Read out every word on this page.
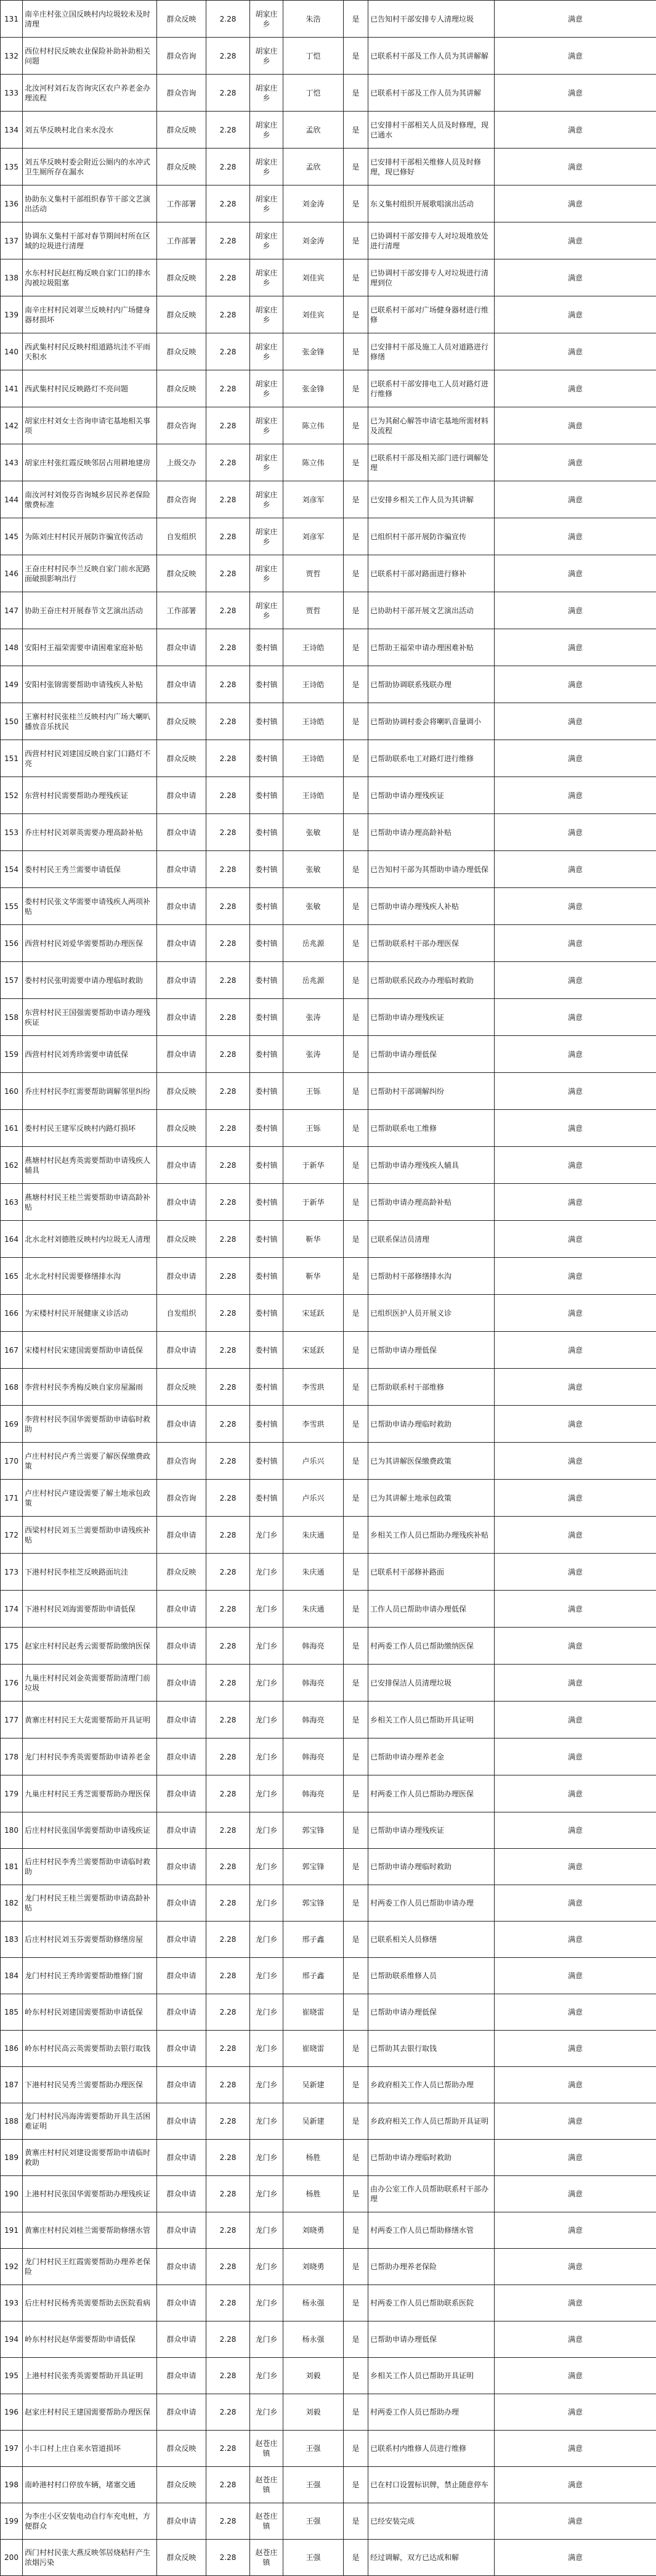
131	南辛庄村张立国反映村内垃圾较未及时清理	群众反映	2.28	胡家庄乡	朱浩	是	已告知村干部安排专人清理垃圾	满意
132	西位村村民反映农业保险补助补助相关问题	群众咨询	2.28	胡家庄乡	丁恺	是	已联系村干部及工作人员为其讲解解	满意
133	北汝河村刘石友咨询灾区农户养老金办理流程	群众咨询	2.28	胡家庄乡	丁恺	是	已联系村干部及工作人员为其讲解	满意
134	刘五华反映村北自来水没水	群众反映	2.28	胡家庄乡	孟欣	是	已安排村干部相关人员及时修理，现已通水	满意
135	刘五华反映村委会附近公厕内的水冲式卫生厕所存在漏水	群众反映	2.28	胡家庄乡	孟欣	是	已安排村干部相关维修人员及时修理，现已修好	满意
136	协助东义集村干部组织春节干部文艺演出活动	工作部署	2.28	胡家庄乡	刘金涛	是	东义集村组织开展歌唱演出活动	满意
137	协调东义集村干部对春节期间村所在区域的垃圾进行清理	工作部署	2.28	胡家庄乡	刘金涛	是	已协调村干部安排专人对垃圾堆放处进行清理	满意
138	水东村村民赵红梅反映自家门口的排水沟被垃圾阻塞	群众反映	2.28	胡家庄乡	刘佳宾	是	已协调村干部安排专人对垃圾进行清理到位	满意
139	南辛庄村村民刘翠兰反映村内广场健身器材损坏	群众反映	2.28	胡家庄乡	刘佳宾	是	已联系村干部对广场健身器材进行维修	满意
140	西武集村村民反映村组道路坑洼不平雨天积水	群众反映	2.28	胡家庄乡	张金锋	是	已安排村干部及施工人员对道路进行修缮	满意
141	西武集村村民反映路灯不亮问题	群众反映	2.28	胡家庄乡	张金锋	是	已联系村干部安排电工人员对路灯进行维修	满意
142	胡家庄村刘女士咨询申请宅基地相关事项	群众咨询	2.28	胡家庄乡	陈立伟	是	已为其耐心解答申请宅基地所需材料及流程	满意
143	胡家庄村张红霞反映邻居占用耕地建房	上级交办	2.28	胡家庄乡	陈立伟	是	已联系村干部及相关部门进行调解处理	满意
144	南汝河村刘俊芬咨询城乡居民养老保险缴费标准	群众咨询	2.28	胡家庄乡	刘彦军	是	已安排乡相关工作人员为其讲解	满意
145	为陈刘庄村村民开展防诈骗宣传活动	自发组织	2.28	胡家庄乡	刘彦军	是	已组织村干部开展防诈骗宣传	满意
146	王奋庄村村民李兰反映自家门前水泥路面破损影响出行	群众反映	2.28	胡家庄乡	贾哲	是	已联系村干部对路面进行修补	满意
147	协助王奋庄村开展春节文艺演出活动	工作部署	2.28	胡家庄乡	贾哲	是	已协助村干部开展文艺演出活动	满意
148	安阳村王福荣需要申请困难家庭补贴	群众申请	2.28	娄村镇	王诗皓	是	已帮助王福荣申请办理困难补贴	满意
149	安阳村张锦需要帮助申请残疾人补贴	群众申请	2.28	娄村镇	王诗皓	是	已帮助协调联系残联办理	满意
150	王寨村村民张桂兰反映村内广场大喇叭播放音乐扰民	群众反映	2.28	娄村镇	王诗皓	是	已帮助协调村委会将喇叭音量调小	满意
151	西营村村民刘建国反映自家门口路灯不亮	群众反映	2.28	娄村镇	王诗皓	是	已帮助联系电工对路灯进行维修	满意
152	东营村村民需要帮助办理残疾证	群众申请	2.28	娄村镇	王诗皓	是	已帮助申请办理残疾证	满意
153	乔庄村村民刘翠英需要办理高龄补贴	群众申请	2.28	娄村镇	张敏	是	已帮助申请办理高龄补贴	满意
154	娄村村民王秀兰需要申请低保	群众申请	2.28	娄村镇	张敏	是	已告知村干部为其帮助申请办理低保	满意
155	娄村村民张文华需要申请残疾人两项补贴	群众申请	2.28	娄村镇	张敏	是	已帮助申请办理残疾人补贴	满意
156	西营村村民刘爱华需要帮助办理医保	群众申请	2.28	娄村镇	岳兆源	是	已帮助联系村干部办理医保	满意
157	娄村村民张明需要申请办理临时救助	群众申请	2.28	娄村镇	岳兆源	是	已帮助联系民政办办理临时救助	满意
158	东营村村民王国强需要帮助申请办理残疾证	群众申请	2.28	娄村镇	张涛	是	已帮助申请办理残疾证	满意
159	西营村村民刘秀珍需要申请低保	群众申请	2.28	娄村镇	张涛	是	已帮助申请办理低保	满意
160	乔庄村村民李红需要帮助调解邻里纠纷	群众反映	2.28	娄村镇	王铄	是	已帮助村干部调解纠纷	满意
161	娄村村民王建军反映村内路灯损坏	群众反映	2.28	娄村镇	王铄	是	已帮助联系电工维修	满意
162	燕塘村村民赵秀英需要帮助申请残疾人辅具	群众申请	2.28	娄村镇	于新华	是	已帮助申请办理残疾人辅具	满意
163	燕塘村村民王桂兰需要帮助申请高龄补贴	群众申请	2.28	娄村镇	于新华	是	已帮助申请办理高龄补贴	满意
164	北水北村刘德胜反映村内垃圾无人清理	群众反映	2.28	娄村镇	靳华	是	已联系保洁员清理	满意
165	北水北村村民需要修缮排水沟	群众申请	2.28	娄村镇	靳华	是	已帮助村干部修缮排水沟	满意
166	为宋楼村村民开展健康义诊活动	自发组织	2.28	娄村镇	宋延跃	是	已组织医护人员开展义诊	满意
167	宋楼村村民宋建国需要帮助申请低保	群众申请	2.28	娄村镇	宋延跃	是	已帮助申请办理低保	满意
168	李营村村民李秀梅反映自家房屋漏雨	群众反映	2.28	娄村镇	李雪珙	是	已帮助联系村干部维修	满意
169	李营村村民李国华需要帮助申请临时救助	群众申请	2.28	娄村镇	李雪珙	是	已帮助申请办理临时救助	满意
170	卢庄村村民卢秀兰需要了解医保缴费政策	群众咨询	2.28	娄村镇	卢乐兴	是	已为其讲解医保缴费政策	满意
171	卢庄村村民卢建设需要了解土地承包政策	群众咨询	2.28	娄村镇	卢乐兴	是	已为其讲解土地承包政策	满意
172	西梁村村民刘玉兰需要帮助申请残疾补贴	群众申请	2.28	龙门乡	朱庆通	是	乡相关工作人员已帮助办理残疾补贴	满意
173	下港村村民李桂芝反映路面坑洼	群众反映	2.28	龙门乡	朱庆通	是	已联系村干部修补路面	满意
174	下港村村民刘海需要帮助申请低保	群众申请	2.28	龙门乡	朱庆通	是	工作人员已帮助申请办理低保	满意
175	赵家庄村村民赵秀云需要帮助缴纳医保	群众申请	2.28	龙门乡	韩海亮	是	村两委工作人员已帮助缴纳医保	满意
176	九巢庄村村民刘金英需要帮助清理门前垃圾	群众申请	2.28	龙门乡	韩海亮	是	已安排保洁人员清理垃圾	满意
177	黄寨庄村村民王大花需要帮助开具证明	群众申请	2.28	龙门乡	韩海亮	是	乡相关工作人员已帮助开具证明	满意
178	龙门村村民李秀英需要帮助申请养老金	群众申请	2.28	龙门乡	韩海亮	是	已帮助申请办理养老金	满意
179	九巢庄村村民王秀芝需要帮助办理医保	群众申请	2.28	龙门乡	韩海亮	是	村两委工作人员已帮助办理医保	满意
180	后庄村村民张国华需要帮助申请残疾证	群众申请	2.28	龙门乡	郭宝锋	是	已帮助申请办理残疾证	满意
181	后庄村村民李秀兰需要帮助申请临时救助	群众申请	2.28	龙门乡	郭宝锋	是	已帮助申请办理临时救助	满意
182	龙门村村民王桂兰需要帮助申请高龄补贴	群众申请	2.28	龙门乡	郭宝锋	是	村两委工作人员已帮助申请办理	满意
183	后庄村村民刘玉芬需要帮助修缮房屋	群众申请	2.28	龙门乡	邢子鑫	是	已联系相关人员修缮	满意
184	龙门村村民王秀珍需要帮助维修门窗	群众申请	2.28	龙门乡	邢子鑫	是	已帮助联系维修人员	满意
185	岭东村村民刘建国需要帮助申请低保	群众申请	2.28	龙门乡	崔晓雷	是	已帮助申请办理低保	满意
186	岭东村村民高云英需要帮助去银行取钱	群众申请	2.28	龙门乡	崔晓雷	是	已帮助其去银行取钱	满意
187	下港村村民吴秀兰需要帮助办理医保	群众申请	2.28	龙门乡	吴新建	是	乡政府相关工作人员已帮助办理	满意
188	龙门村村民冯海涛需要帮助开具生活困难证明	群众申请	2.28	龙门乡	吴新建	是	乡政府相关工作人员已帮助开具证明	满意
189	黄寨庄村村民刘建设需要帮助申请临时救助	群众申请	2.28	龙门乡	杨胜	是	已帮助申请办理临时救助	满意
190	上港村村民张国华需要帮助办理残疾证	群众申请	2.28	龙门乡	杨胜	是	由办公室工作人员帮助联系村干部办理	满意
191	黄寨庄村村民刘桂兰需要帮助修缮水管	群众申请	2.28	龙门乡	刘晓勇	是	村两委工作人员已帮助修缮水管	满意
192	龙门村村民王红霞需要帮助办理养老保险	群众申请	2.28	龙门乡	刘晓勇	是	已帮助办理养老保险	满意
193	后庄村村民杨秀英需要帮助去医院看病	群众申请	2.28	龙门乡	杨永强	是	村两委工作人员已帮助联系医院	满意
194	岭东村村民赵华需要帮助申请低保	群众申请	2.28	龙门乡	杨永强	是	已帮助申请办理低保	满意
195	上港村村民张秀英需要帮助开具证明	群众申请	2.28	龙门乡	刘毅	是	乡相关工作人员已帮助开具证明	满意
196	赵家庄村村民王建国需要帮助办理医保	群众申请	2.28	龙门乡	刘毅	是	村两委工作人员已帮助办理	满意
197	小丰口村上庄自来水管道损坏	群众反映	2.28	赵苍庄镇	王强	是	已联系村内维修人员进行维修	满意
198	南岭港村村口停放车辆，堵塞交通	群众反映	2.28	赵苍庄镇	王强	是	已在村口设置标识牌，禁止随意停车	满意
199	为李庄小区安装电动自行车充电桩，方便群众	群众申请	2.28	赵苍庄镇	王强	是	已经安装完成	满意
200	西门村村民张大燕反映邻居烧秸秆产生浓烟污染	群众反映	2.28	赵苍庄镇	王强	是	经过调解，双方已达成和解	满意
